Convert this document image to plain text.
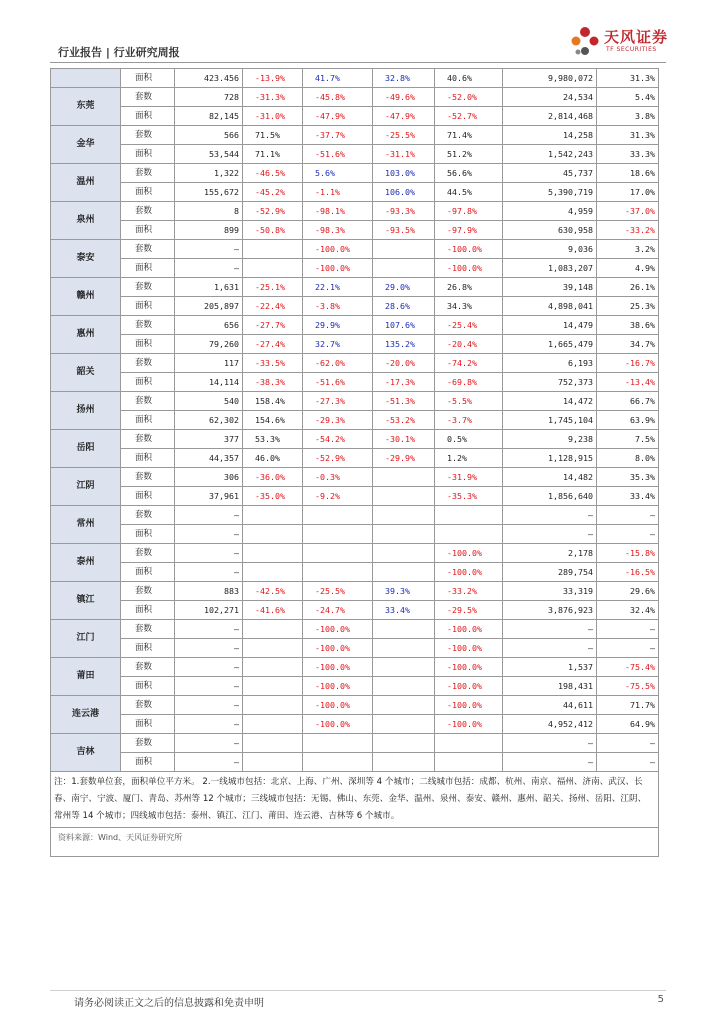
行业报告 | 行业研究周报
天风证券
TF SECURITIES
	面积	423.456	-13.9%	41.7%	32.8%	40.6%	9,980,072	31.3%
东莞	套数	728	-31.3%	-45.8%	-49.6%	-52.0%	24,534	5.4%
	面积	82,145	-31.0%	-47.9%	-47.9%	-52.7%	2,814,468	3.8%
金华	套数	566	71.5%	-37.7%	-25.5%	71.4%	14,258	31.3%
	面积	53,544	71.1%	-51.6%	-31.1%	51.2%	1,542,243	33.3%
温州	套数	1,322	-46.5%	5.6%	103.0%	56.6%	45,737	18.6%
	面积	155,672	-45.2%	-1.1%	106.0%	44.5%	5,390,719	17.0%
泉州	套数	8	-52.9%	-98.1%	-93.3%	-97.8%	4,959	-37.0%
	面积	899	-50.8%	-98.3%	-93.5%	-97.9%	630,958	-33.2%
泰安	套数	–		-100.0%		-100.0%	9,036	3.2%
	面积	–		-100.0%		-100.0%	1,083,207	4.9%
赣州	套数	1,631	-25.1%	22.1%	29.0%	26.8%	39,148	26.1%
	面积	205,897	-22.4%	-3.8%	28.6%	34.3%	4,898,041	25.3%
惠州	套数	656	-27.7%	29.9%	107.6%	-25.4%	14,479	38.6%
	面积	79,260	-27.4%	32.7%	135.2%	-20.4%	1,665,479	34.7%
韶关	套数	117	-33.5%	-62.0%	-20.0%	-74.2%	6,193	-16.7%
	面积	14,114	-38.3%	-51.6%	-17.3%	-69.8%	752,373	-13.4%
扬州	套数	540	158.4%	-27.3%	-51.3%	-5.5%	14,472	66.7%
	面积	62,302	154.6%	-29.3%	-53.2%	-3.7%	1,745,104	63.9%
岳阳	套数	377	53.3%	-54.2%	-30.1%	0.5%	9,238	7.5%
	面积	44,357	46.0%	-52.9%	-29.9%	1.2%	1,128,915	8.0%
江阴	套数	306	-36.0%	-0.3%		-31.9%	14,482	35.3%
	面积	37,961	-35.0%	-9.2%		-35.3%	1,856,640	33.4%
常州	套数	–					–	–
	面积	–					–	–
泰州	套数	–				-100.0%	2,178	-15.8%
	面积	–				-100.0%	289,754	-16.5%
镇江	套数	883	-42.5%	-25.5%	39.3%	-33.2%	33,319	29.6%
	面积	102,271	-41.6%	-24.7%	33.4%	-29.5%	3,876,923	32.4%
江门	套数	–		-100.0%		-100.0%	–	–
	面积	–		-100.0%		-100.0%	–	–
莆田	套数	–		-100.0%		-100.0%	1,537	-75.4%
	面积	–		-100.0%		-100.0%	198,431	-75.5%
连云港	套数	–		-100.0%		-100.0%	44,611	71.7%
	面积	–		-100.0%		-100.0%	4,952,412	64.9%
吉林	套数	–					–	–
	面积	–					–	–
注：1.套数单位套，面积单位平方米。 2.一线城市包括：北京、上海、广州、深圳等 4 个城市；二线城市包括：成都、杭州、南京、福州、济南、武汉、长春、南宁、宁波、厦门、青岛、苏州等 12 个城市；三线城市包括：无锡、佛山、东莞、金华、温州、泉州、泰安、赣州、惠州、韶关、扬州、岳阳、江阴、常州等 14 个城市；四线城市包括：泰州、镇江、江门、莆田、连云港、吉林等 6 个城市。								

资料来源：Wind、天风证券研究所
请务必阅读正文之后的信息披露和免责申明	5
